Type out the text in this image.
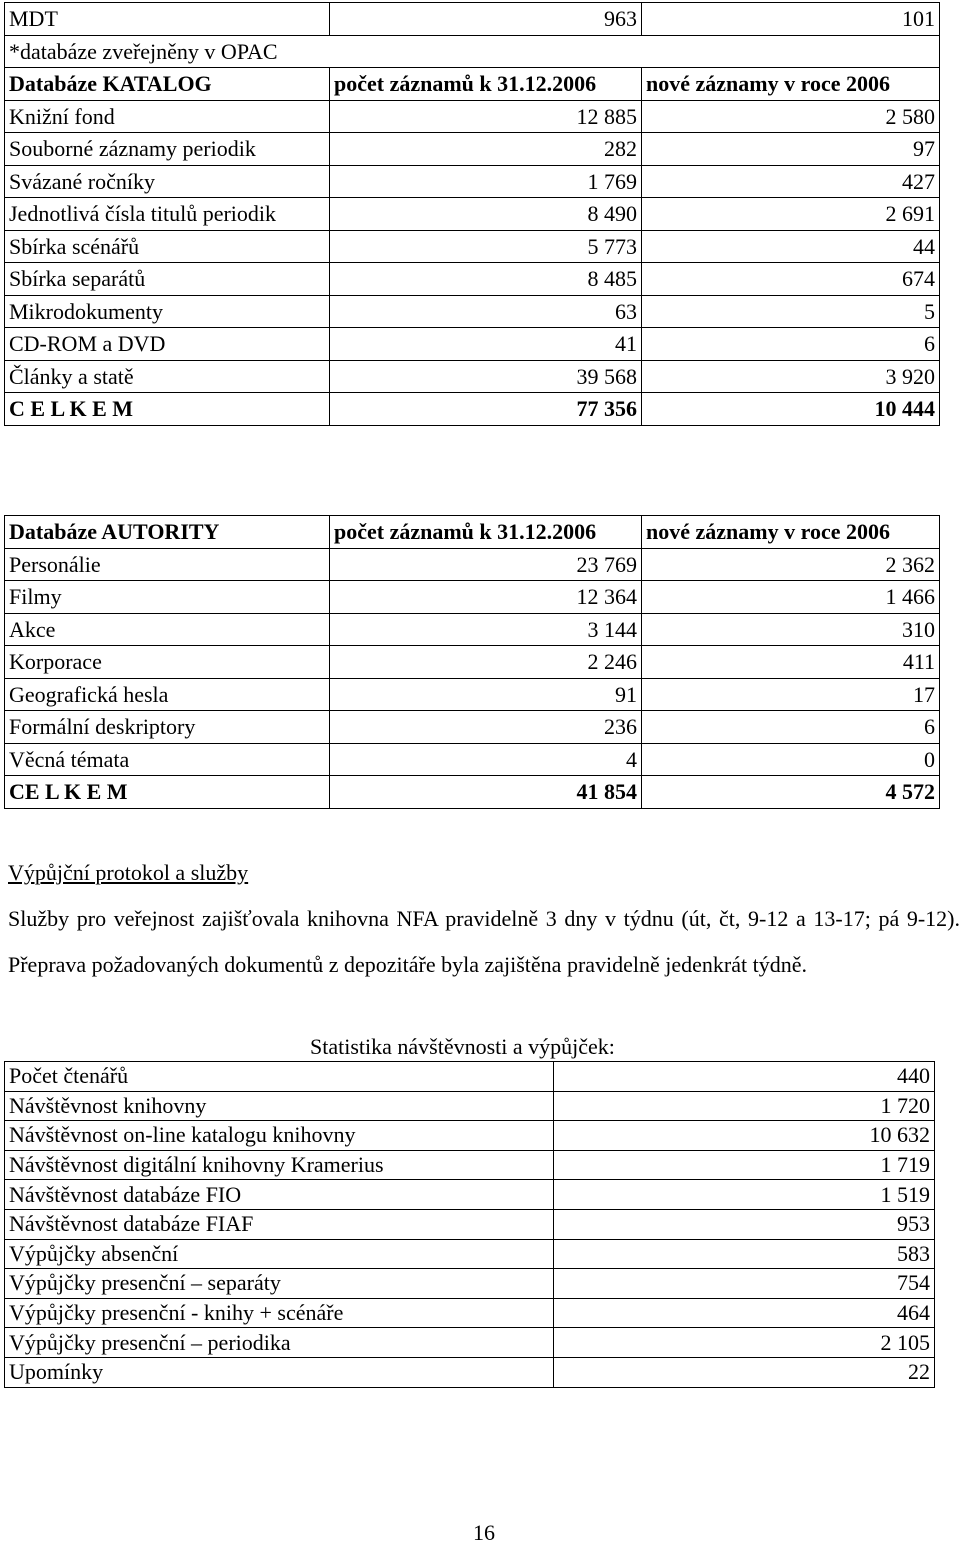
MDT	963	101
*databáze zveřejněny v OPAC		
Databáze KATALOG	počet záznamů k 31.12.2006	nové záznamy v roce 2006
Knižní fond	12 885	2 580
Souborné záznamy periodik	282	97
Svázané ročníky	1 769	427
Jednotlivá čísla titulů periodik	8 490	2 691
Sbírka scénářů	5 773	44
Sbírka separátů	8 485	674
Mikrodokumenty	63	5
CD-ROM a DVD	41	6
Články a statě	39 568	3 920
C E L K E M	77 356	10 444
Databáze AUTORITY	počet záznamů k 31.12.2006	nové záznamy v roce 2006
Personálie	23 769	2 362
Filmy	12 364	1 466
Akce	3 144	310
Korporace	2 246	411
Geografická hesla	91	17
Formální deskriptory	236	6
Věcná témata	4	0
CE L K E M	41 854	4 572
Výpůjční protokol a služby

Služby pro veřejnost zajišťovala knihovna NFA pravidelně 3 dny v týdnu (út, čt, 9-12 a 13-17; pá 9-12). Přeprava požadovaných dokumentů z depozitáře byla zajištěna pravidelně jedenkrát týdně.

Statistika návštěvnosti a výpůjček:

Počet čtenářů	440
Návštěvnost knihovny	1 720
Návštěvnost on-line katalogu knihovny	10 632
Návštěvnost digitální knihovny Kramerius	1 719
Návštěvnost databáze FIO	1 519
Návštěvnost databáze FIAF	953
Výpůjčky absenční	583
Výpůjčky presenční – separáty	754
Výpůjčky presenční - knihy + scénáře	464
Výpůjčky presenční – periodika	2 105
Upomínky	22
16
